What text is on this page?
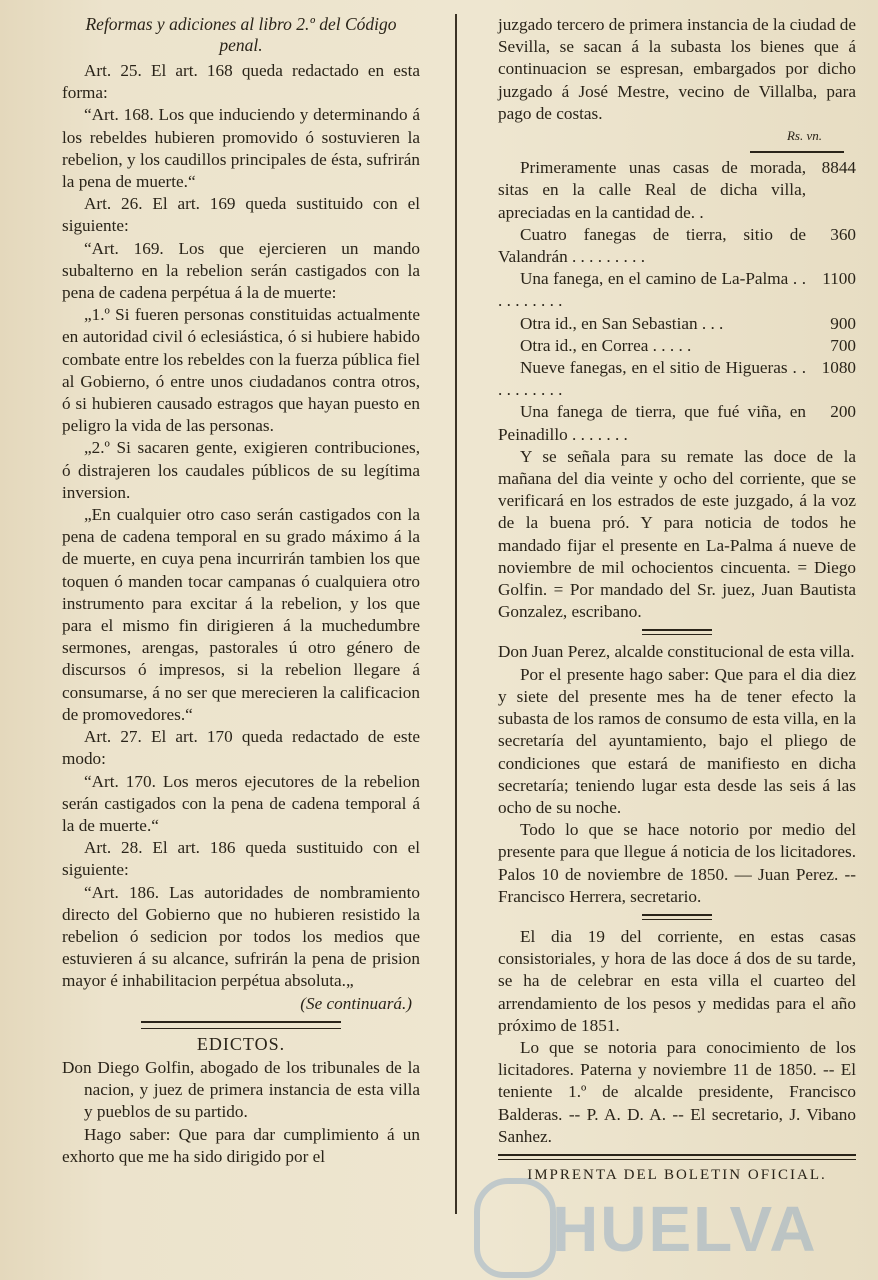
Reformas y adiciones al libro 2.º del Código penal.

Art. 25. El art. 168 queda redactado en esta forma:

“Art. 168. Los que induciendo y determinando á los rebeldes hubieren promovido ó sostuvieren la rebelion, y los caudillos principales de ésta, sufrirán la pena de muerte.“

Art. 26. El art. 169 queda sustituido con el siguiente:

“Art. 169. Los que ejercieren un mando subalterno en la rebelion serán castigados con la pena de cadena perpétua á la de muerte:

„1.º Si fueren personas constituidas actualmente en autoridad civil ó eclesiástica, ó si hubiere habido combate entre los rebeldes con la fuerza pública fiel al Gobierno, ó entre unos ciudadanos contra otros, ó si hubieren causado estragos que hayan puesto en peligro la vida de las personas.

„2.º Si sacaren gente, exigieren contribuciones, ó distrajeren los caudales públicos de su legítima inversion.

„En cualquier otro caso serán castigados con la pena de cadena temporal en su grado máximo á la de muerte, en cuya pena incurrirán tambien los que toquen ó manden tocar campanas ó cualquiera otro instrumento para excitar á la rebelion, y los que para el mismo fin dirigieren á la muchedumbre sermones, arengas, pastorales ú otro género de discursos ó impresos, si la rebelion llegare á consumarse, á no ser que merecieren la calificacion de promovedores.“

Art. 27. El art. 170 queda redactado de este modo:

“Art. 170. Los meros ejecutores de la rebelion serán castigados con la pena de cadena temporal á la de muerte.“

Art. 28. El art. 186 queda sustituido con el siguiente:

“Art. 186. Las autoridades de nombramiento directo del Gobierno que no hubieren resistido la rebelion ó sedicion por todos los medios que estuvieren á su alcance, sufrirán la pena de prision mayor é inhabilitacion perpétua absoluta.„

(Se continuará.)

EDICTOS.

Don Diego Golfin, abogado de los tribunales de la nacion, y juez de primera instancia de esta villa y pueblos de su partido.

Hago saber: Que para dar cumplimiento á un exhorto que me ha sido dirigido por el

juzgado tercero de primera instancia de la ciudad de Sevilla, se sacan á la subasta los bienes que á continuacion se espresan, embargados por dicho juzgado á José Mestre, vecino de Villalba, para pago de costas.

Rs. vn.

Primeramente unas casas de morada, sitas en la calle Real de dicha villa, apreciadas en la cantidad de. .
8844
Cuatro fanegas de tierra, sitio de Valandrán . . . . . . . . .
360
Una fanega, en el camino de La-Palma . . . . . . . . . .
1100
Otra id., en San Sebastian . . .	900
Otra id., en Correa . . . . .	700
Nueve fanegas, en el sitio de Higueras . . . . . . . . . .
1080
Una fanega de tierra, que fué viña, en Peinadillo . . . . . . .
200

Y se señala para su remate las doce de la mañana del dia veinte y ocho del corriente, que se verificará en los estrados de este juzgado, á la voz de la buena pró. Y para noticia de todos he mandado fijar el presente en La-Palma á nueve de noviembre de mil ochocientos cincuenta. = Diego Golfin. = Por mandado del Sr. juez, Juan Bautista Gonzalez, escribano.

Don Juan Perez, alcalde constitucional de esta villa.

Por el presente hago saber: Que para el dia diez y siete del presente mes ha de tener efecto la subasta de los ramos de consumo de esta villa, en la secretaría del ayuntamiento, bajo el pliego de condiciones que estará de manifiesto en dicha secretaría; teniendo lugar esta desde las seis á las ocho de su noche.

Todo lo que se hace notorio por medio del presente para que llegue á noticia de los licitadores. Palos 10 de noviembre de 1850. — Juan Perez. -- Francisco Herrera, secretario.

El dia 19 del corriente, en estas casas consistoriales, y hora de las doce á dos de su tarde, se ha de celebrar en esta villa el cuarteo del arrendamiento de los pesos y medidas para el año próximo de 1851.

Lo que se notoria para conocimiento de los licitadores. Paterna y noviembre 11 de 1850. -- El teniente 1.º de alcalde presidente, Francisco Balderas. -- P. A. D. A. -- El secretario, J. Vibano Sanhez.

IMPRENTA DEL BOLETIN OFICIAL.

HUELVA
